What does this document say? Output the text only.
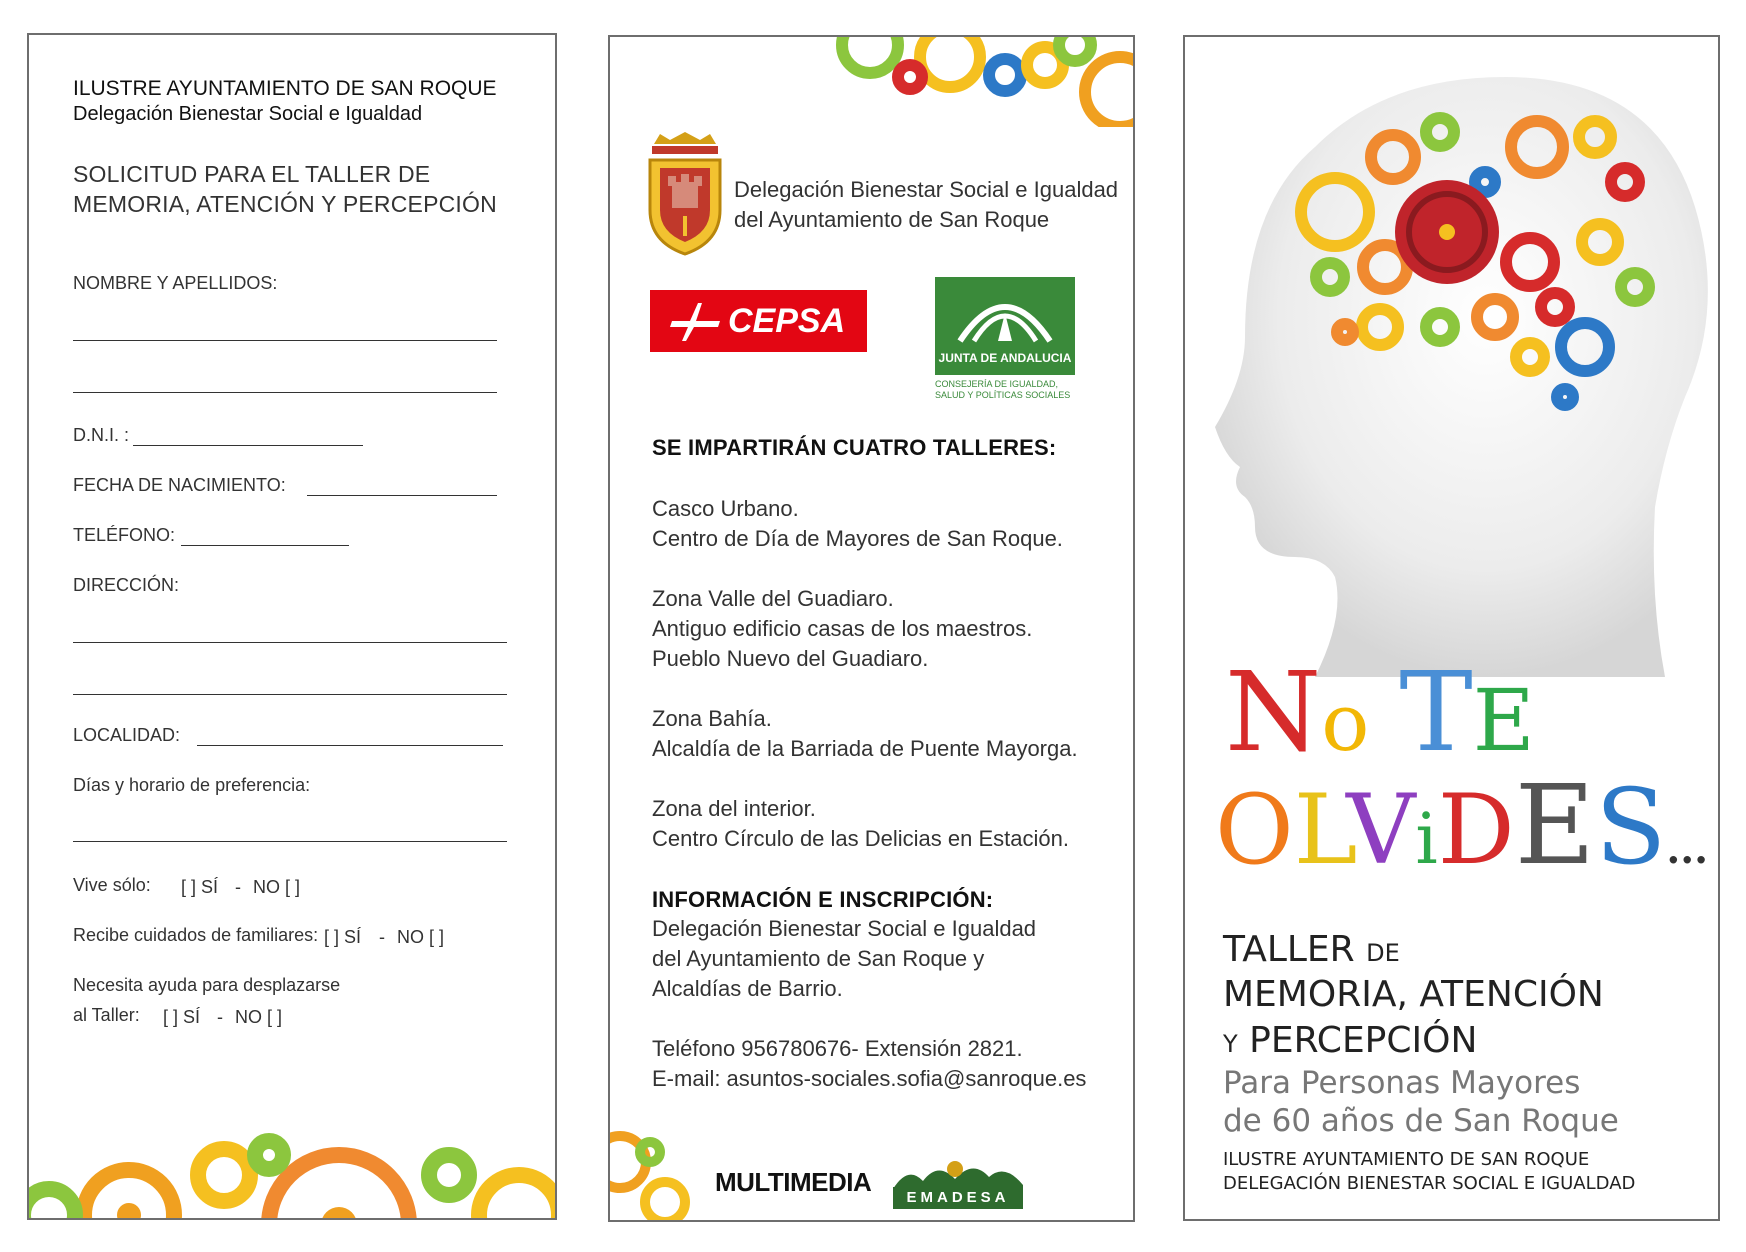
ILUSTRE AYUNTAMIENTO DE SAN ROQUE
Delegación Bienestar Social e Igualdad
SOLICITUD PARA EL TALLER DE
MEMORIA, ATENCIÓN Y PERCEPCIÓN
NOMBRE Y APELLIDOS:
D.N.I. :
FECHA DE NACIMIENTO:
TELÉFONO:
DIRECCIÓN:
LOCALIDAD:
Días y horario de preferencia:
Vive sólo: [ ] SÍ - NO [ ]
Recibe cuidados de familiares: [ ] SÍ - NO [ ]
Necesita ayuda para desplazarse
al Taller: [ ] SÍ - NO [ ]
Delegación Bienestar Social e Igualdad
del Ayuntamiento de San Roque
CEPSA
JUNTA DE ANDALUCIA
CONSEJERÍA DE IGUALDAD,
SALUD Y POLÍTICAS SOCIALES
SE IMPARTIRÁN CUATRO TALLERES:
Casco Urbano.
Centro de Día de Mayores de San Roque.
Zona Valle del Guadiaro.
Antiguo edificio casas de los maestros.
Pueblo Nuevo del Guadiaro.
Zona Bahía.
Alcaldía de la Barriada de Puente Mayorga.
Zona del interior.
Centro Círculo de las Delicias en Estación.
INFORMACIÓN E INSCRIPCIÓN:
Delegación Bienestar Social e Igualdad
del Ayuntamiento de San Roque y
Alcaldías de Barrio.
Teléfono 956780676- Extensión 2821.
E-mail: asuntos-sociales.sofia@sanroque.es
MULTIMEDIA
EMADESA
No TE
OLViDES...
TALLER DE
MEMORIA, ATENCIÓN
Y PERCEPCIÓN
Para Personas Mayores
de 60 años de San Roque
ILUSTRE AYUNTAMIENTO DE SAN ROQUE
DELEGACIÓN BIENESTAR SOCIAL E IGUALDAD
